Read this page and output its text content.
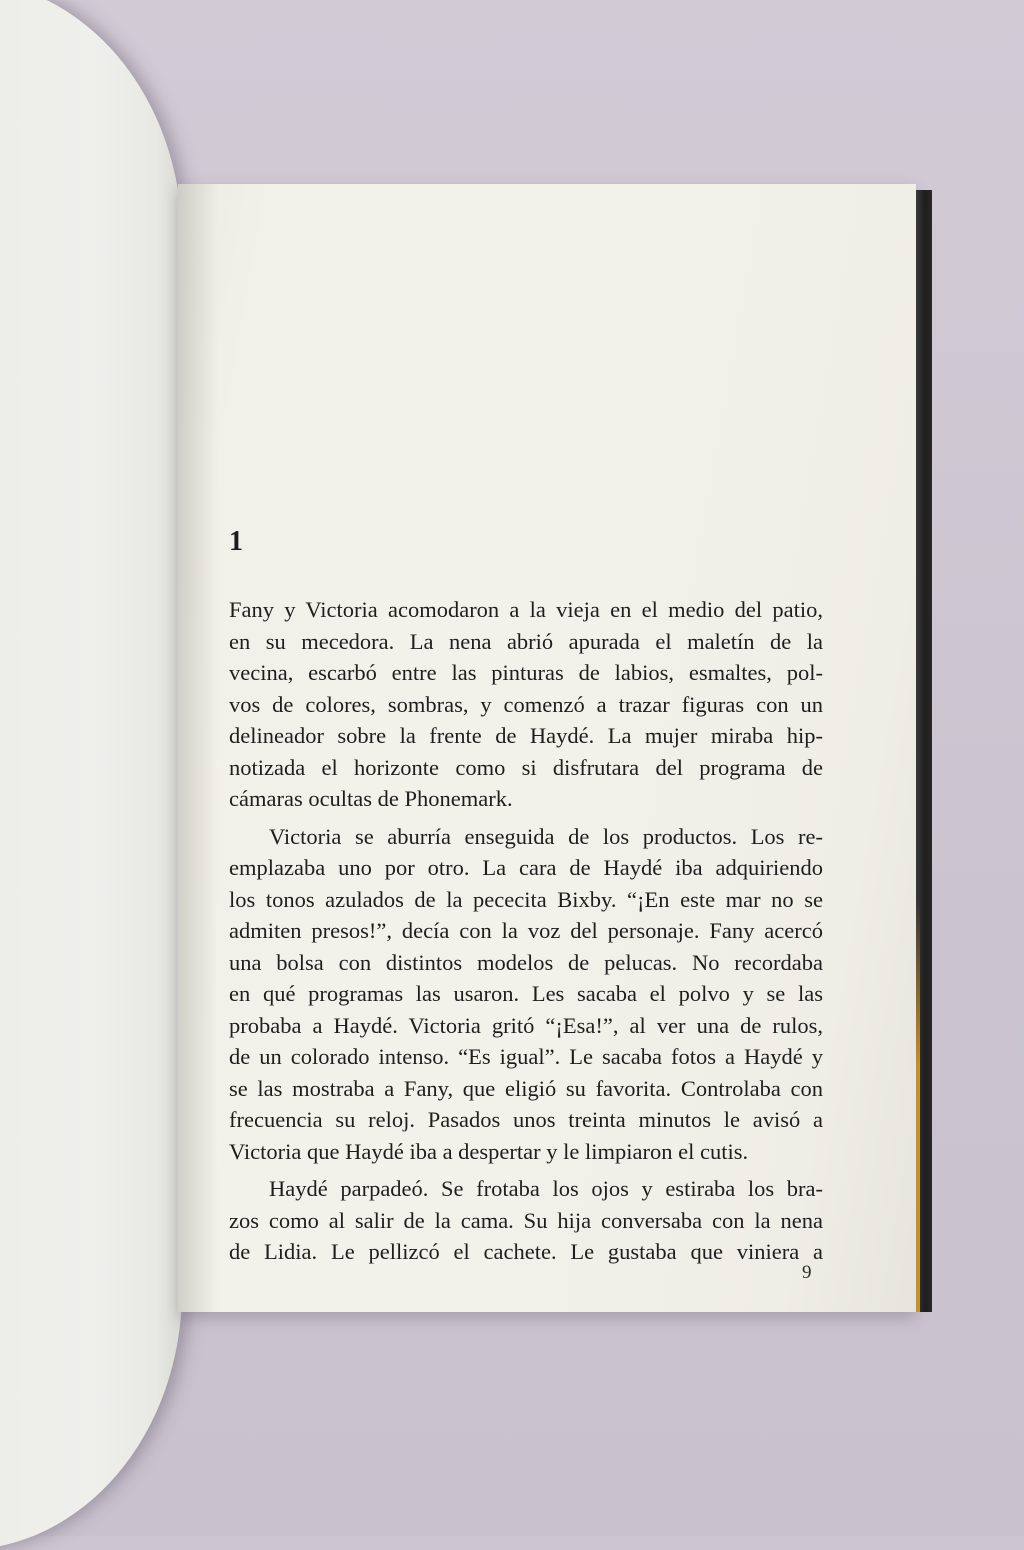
1
Fany y Victoria acomodaron a la vieja en el medio del patio,
en su mecedora. La nena abrió apurada el maletín de la
vecina, escarbó entre las pinturas de labios, esmaltes, pol-
vos de colores, sombras, y comenzó a trazar figuras con un
delineador sobre la frente de Haydé. La mujer miraba hip-
notizada el horizonte como si disfrutara del programa de
cámaras ocultas de Phonemark.
Victoria se aburría enseguida de los productos. Los re-
emplazaba uno por otro. La cara de Haydé iba adquiriendo
los tonos azulados de la pececita Bixby. “¡En este mar no se
admiten presos!”, decía con la voz del personaje. Fany acercó
una bolsa con distintos modelos de pelucas. No recordaba
en qué programas las usaron. Les sacaba el polvo y se las
probaba a Haydé. Victoria gritó “¡Esa!”, al ver una de rulos,
de un colorado intenso. “Es igual”. Le sacaba fotos a Haydé y
se las mostraba a Fany, que eligió su favorita. Controlaba con
frecuencia su reloj. Pasados unos treinta minutos le avisó a
Victoria que Haydé iba a despertar y le limpiaron el cutis.
Haydé parpadeó. Se frotaba los ojos y estiraba los bra-
zos como al salir de la cama. Su hija conversaba con la nena
de Lidia. Le pellizcó el cachete. Le gustaba que viniera a
9
